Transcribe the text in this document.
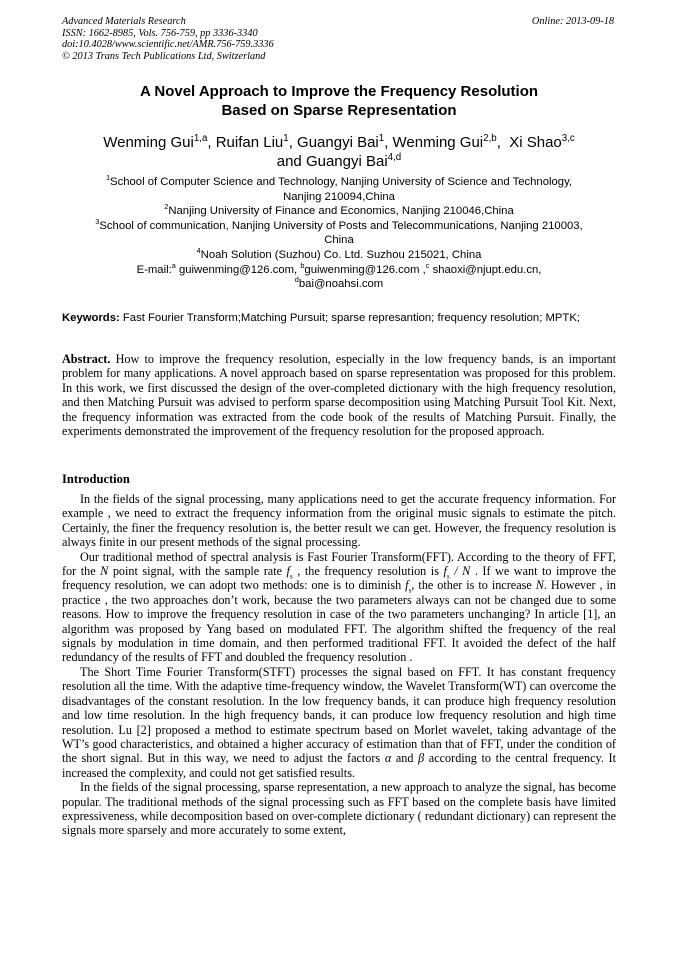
Advanced Materials Research
ISSN: 1662-8985, Vols. 756-759, pp 3336-3340
doi:10.4028/www.scientific.net/AMR.756-759.3336
© 2013 Trans Tech Publications Ltd, Switzerland
Online: 2013-09-18
A Novel Approach to Improve the Frequency Resolution
Based on Sparse Representation
Wenming Gui$^{1,a}$, Ruifan Liu$^1$, Guangyi Bai$^1$, Wenming Gui$^{2,b}$,  Xi Shao$^{3,c}$
and Guangyi Bai$^{4,d}$
$^1$School of Computer Science and Technology, Nanjing University of Science and Technology,
Nanjing 210094,China
$^2$Nanjing University of Finance and Economics, Nanjing 210046,China
$^3$School of communication, Nanjing University of Posts and Telecommunications, Nanjing 210003,
China
$^4$Noah Solution (Suzhou) Co. Ltd. Suzhou 215021, China
E-mail:$^a$ guiwenming@126.com, $^b$guiwenming@126.com ,$^c$ shaoxi@njupt.edu.cn,
$^d$bai@noahsi.com
Keywords: Fast Fourier Transform;Matching Pursuit; sparse represantion; frequency resolution; MPTK;

Abstract. How to improve the frequency resolution, especially in the low frequency bands, is an important problem for many applications. A novel approach based on sparse representation was proposed for this problem. In this work, we first discussed the design of the over-completed dictionary with the high frequency resolution, and then Matching Pursuit was advised to perform sparse decomposition using Matching Pursuit Tool Kit. Next, the frequency information was extracted from the code book of the results of Matching Pursuit. Finally, the experiments demonstrated the improvement of the frequency resolution for the proposed approach.

Introduction

In the fields of the signal processing, many applications need to get the accurate frequency information. For example , we need to extract the frequency information from the original music signals to estimate the pitch. Certainly, the finer the frequency resolution is, the better result we can get. However, the frequency resolution is always finite in our present methods of the signal processing.

Our traditional method of spectral analysis is Fast Fourier Transform(FFT). According to the theory of FFT, for the N point signal, with the sample rate $f_s$ , the frequency resolution is $f_s$ / N . If we want to improve the frequency resolution, we can adopt two methods: one is to diminish $f_s$, the other is to increase N. However , in practice , the two approaches don’t work, because the two parameters always can not be changed due to some reasons. How to improve the frequency resolution in case of the two parameters unchanging? In article [1], an algorithm was proposed by Yang based on modulated FFT. The algorithm shifted the frequency of the real signals by modulation in time domain, and then performed traditional FFT. It avoided the defect of the half redundancy of the results of FFT and doubled the frequency resolution .

The Short Time Fourier Transform(STFT) processes the signal based on FFT. It has constant frequency resolution all the time. With the adaptive time-frequency window, the Wavelet Transform(WT) can overcome the disadvantages of the constant resolution. In the low frequency bands, it can produce high frequency resolution and low time resolution. In the high frequency bands, it can produce low frequency resolution and high time resolution. Lu [2] proposed a method to estimate spectrum based on Morlet wavelet, taking advantage of the WT’s good characteristics, and obtained a higher accuracy of estimation than that of FFT, under the condition of the short signal. But in this way, we need to adjust the factors α and β according to the central frequency. It increased the complexity, and could not get satisfied results.

In the fields of the signal processing, sparse representation, a new approach to analyze the signal, has become popular. The traditional methods of the signal processing such as FFT based on the complete basis have limited expressiveness, while decomposition based on over-complete dictionary ( redundant dictionary) can represent the signals more sparsely and more accurately to some extent,
